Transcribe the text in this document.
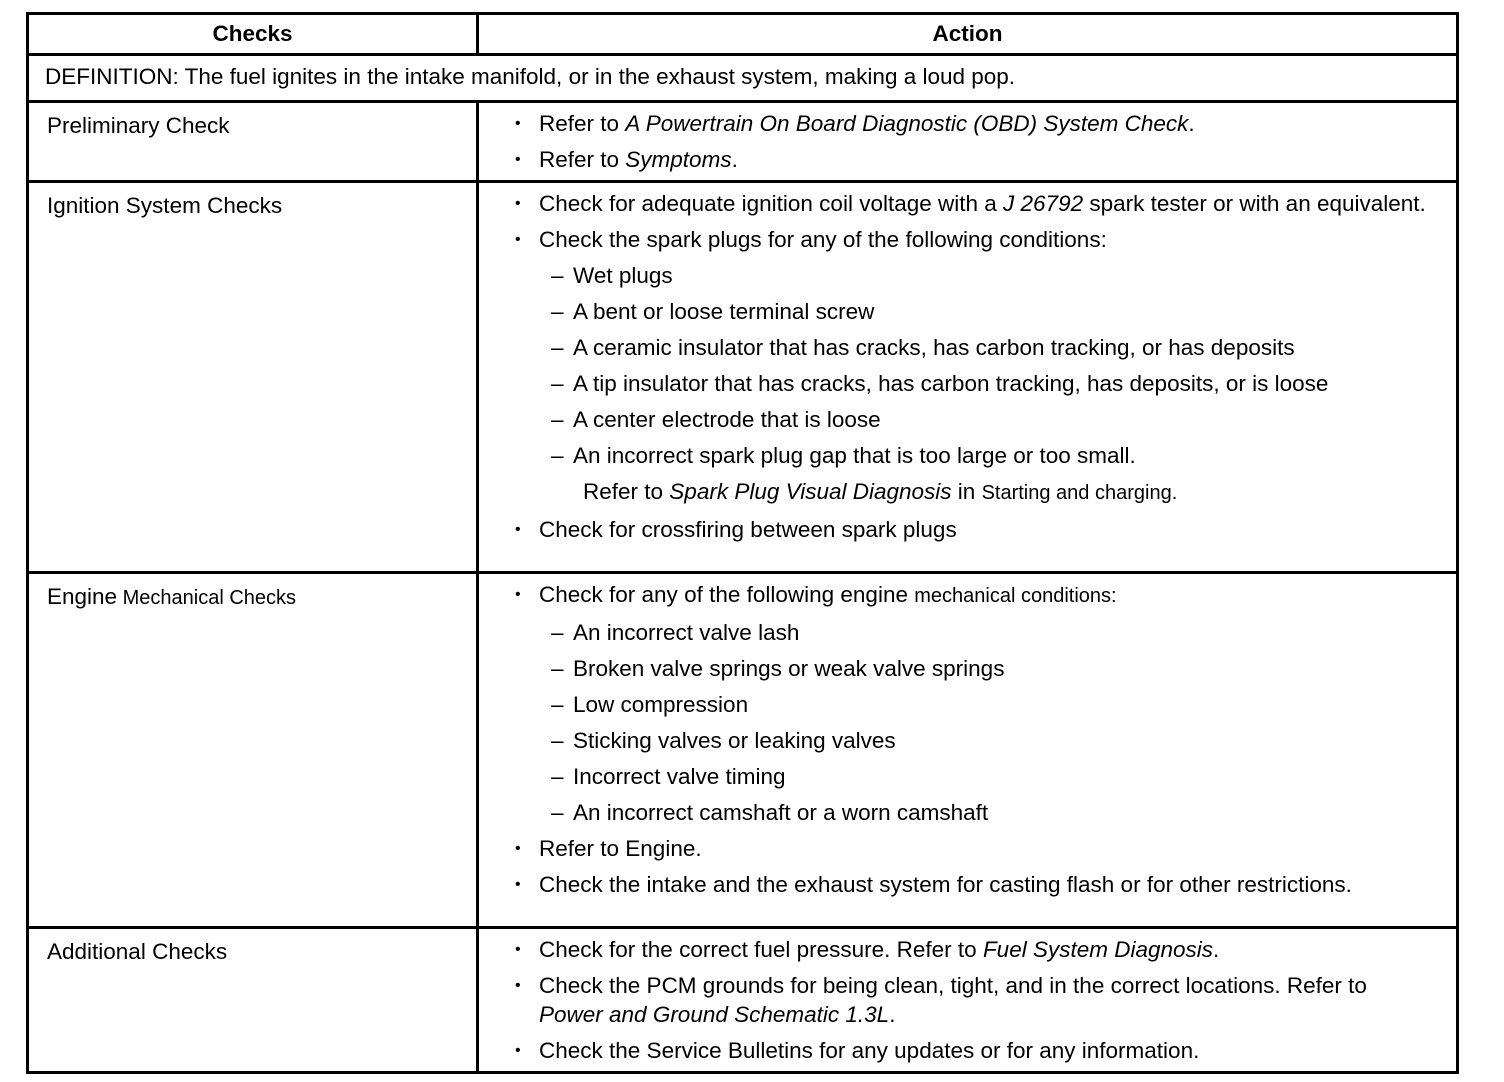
Checks	Action
DEFINITION: The fuel ignites in the intake manifold, or in the exhaust system, making a loud pop.	
Preliminary Check	• Refer to A Powertrain On Board Diagnostic (OBD) System Check.
• Refer to Symptoms.

Ignition System Checks	• Check for adequate ignition coil voltage with a J 26792 spark tester or with an equivalent.
• Check the spark plugs for any of the following conditions:
– Wet plugs
– A bent or loose terminal screw
– A ceramic insulator that has cracks, has carbon tracking, or has deposits
– A tip insulator that has cracks, has carbon tracking, has deposits, or is loose
– A center electrode that is loose
– An incorrect spark plug gap that is too large or too small.
Refer to Spark Plug Visual Diagnosis in Starting and charging.
• Check for crossfiring between spark plugs

Engine Mechanical Checks	• Check for any of the following engine mechanical conditions:
– An incorrect valve lash
– Broken valve springs or weak valve springs
– Low compression
– Sticking valves or leaking valves
– Incorrect valve timing
– An incorrect camshaft or a worn camshaft
• Refer to Engine.
• Check the intake and the exhaust system for casting flash or for other restrictions.

Additional Checks	• Check for the correct fuel pressure. Refer to Fuel System Diagnosis.
• Check the PCM grounds for being clean, tight, and in the correct locations. Refer to Power and Ground Schematic 1.3L.
• Check the Service Bulletins for any updates or for any information.
